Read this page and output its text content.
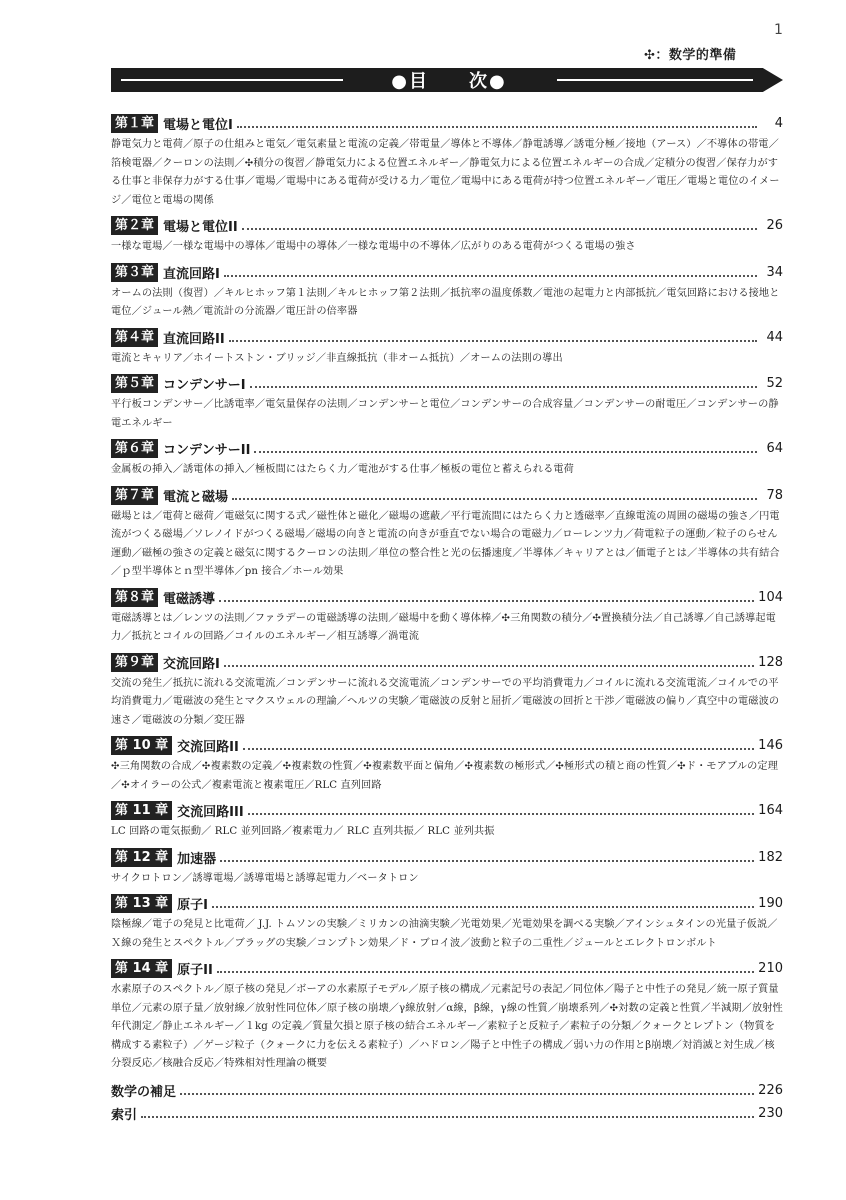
1
✣：数学的準備
●目　　次●
第１章 電場と電位I	4
静電気力と電荷／原子の仕組みと電気／電気素量と電流の定義／帯電量／導体と不導体／静電誘導／誘電分極／接地（アース）／不導体の帯電／箔検電器／クーロンの法則／✣積分の復習／静電気力による位置エネルギー／静電気力による位置エネルギーの合成／定積分の復習／保存力がする仕事と非保存力がする仕事／電場／電場中にある電荷が受ける力／電位／電場中にある電荷が持つ位置エネルギー／電圧／電場と電位のイメージ／電位と電場の関係
第２章 電場と電位II	26
一様な電場／一様な電場中の導体／電場中の導体／一様な電場中の不導体／広がりのある電荷がつくる電場の強さ
第３章 直流回路I	34
オームの法則（復習）／キルヒホッフ第１法則／キルヒホッフ第２法則／抵抗率の温度係数／電池の起電力と内部抵抗／電気回路における接地と電位／ジュール熱／電流計の分流器／電圧計の倍率器
第４章 直流回路II	44
電流とキャリア／ホイートストン・ブリッジ／非直線抵抗（非オーム抵抗）／オームの法則の導出
第５章 コンデンサーI	52
平行板コンデンサー／比誘電率／電気量保存の法則／コンデンサーと電位／コンデンサーの合成容量／コンデンサーの耐電圧／コンデンサーの静電エネルギー
第６章 コンデンサーII	64
金属板の挿入／誘電体の挿入／極板間にはたらく力／電池がする仕事／極板の電位と蓄えられる電荷
第７章 電流と磁場	78
磁場とは／電荷と磁荷／電磁気に関する式／磁性体と磁化／磁場の遮蔽／平行電流間にはたらく力と透磁率／直線電流の周囲の磁場の強さ／円電流がつくる磁場／ソレノイドがつくる磁場／磁場の向きと電流の向きが垂直でない場合の電磁力／ローレンツ力／荷電粒子の運動／粒子のらせん運動／磁極の強さの定義と磁気に関するクーロンの法則／単位の整合性と光の伝播速度／半導体／キャリアとは／価電子とは／半導体の共有結合／ｐ型半導体とｎ型半導体／pn 接合／ホール効果
第８章 電磁誘導	104
電磁誘導とは／レンツの法則／ファラデーの電磁誘導の法則／磁場中を動く導体棒／✣三角関数の積分／✣置換積分法／自己誘導／自己誘導起電力／抵抗とコイルの回路／コイルのエネルギー／相互誘導／渦電流
第９章 交流回路I	128
交流の発生／抵抗に流れる交流電流／コンデンサーに流れる交流電流／コンデンサーでの平均消費電力／コイルに流れる交流電流／コイルでの平均消費電力／電磁波の発生とマクスウェルの理論／ヘルツの実験／電磁波の反射と屈折／電磁波の回折と干渉／電磁波の偏り／真空中の電磁波の速さ／電磁波の分類／変圧器
第 10 章 交流回路II	146
✣三角関数の合成／✣複素数の定義／✣複素数の性質／✣複素数平面と偏角／✣複素数の極形式／✣極形式の積と商の性質／✣ド・モアブルの定理／✣オイラーの公式／複素電流と複素電圧／RLC 直列回路
第 11 章 交流回路III	164
LC 回路の電気振動／ RLC 並列回路／複素電力／ RLC 直列共振／ RLC 並列共振
第 12 章 加速器	182
サイクロトロン／誘導電場／誘導電場と誘導起電力／ベータトロン
第 13 章 原子I	190
陰極線／電子の発見と比電荷／ J.J. トムソンの実験／ミリカンの油滴実験／光電効果／光電効果を調べる実験／アインシュタインの光量子仮説／Ｘ線の発生とスペクトル／ブラッグの実験／コンプトン効果／ド・ブロイ波／波動と粒子の二重性／ジュールとエレクトロンボルト
第 14 章 原子II	210
水素原子のスペクトル／原子核の発見／ボーアの水素原子モデル／原子核の構成／元素記号の表記／同位体／陽子と中性子の発見／統一原子質量単位／元素の原子量／放射線／放射性同位体／原子核の崩壊／γ線放射／α線，β線，γ線の性質／崩壊系列／✣対数の定義と性質／半減期／放射性年代測定／静止エネルギー／１kg の定義／質量欠損と原子核の結合エネルギー／素粒子と反粒子／素粒子の分類／クォークとレプトン（物質を構成する素粒子）／ゲージ粒子（クォークに力を伝える素粒子）／ハドロン／陽子と中性子の構成／弱い力の作用とβ崩壊／対消滅と対生成／核分裂反応／核融合反応／特殊相対性理論の概要
数学の補足	226
索引	230
